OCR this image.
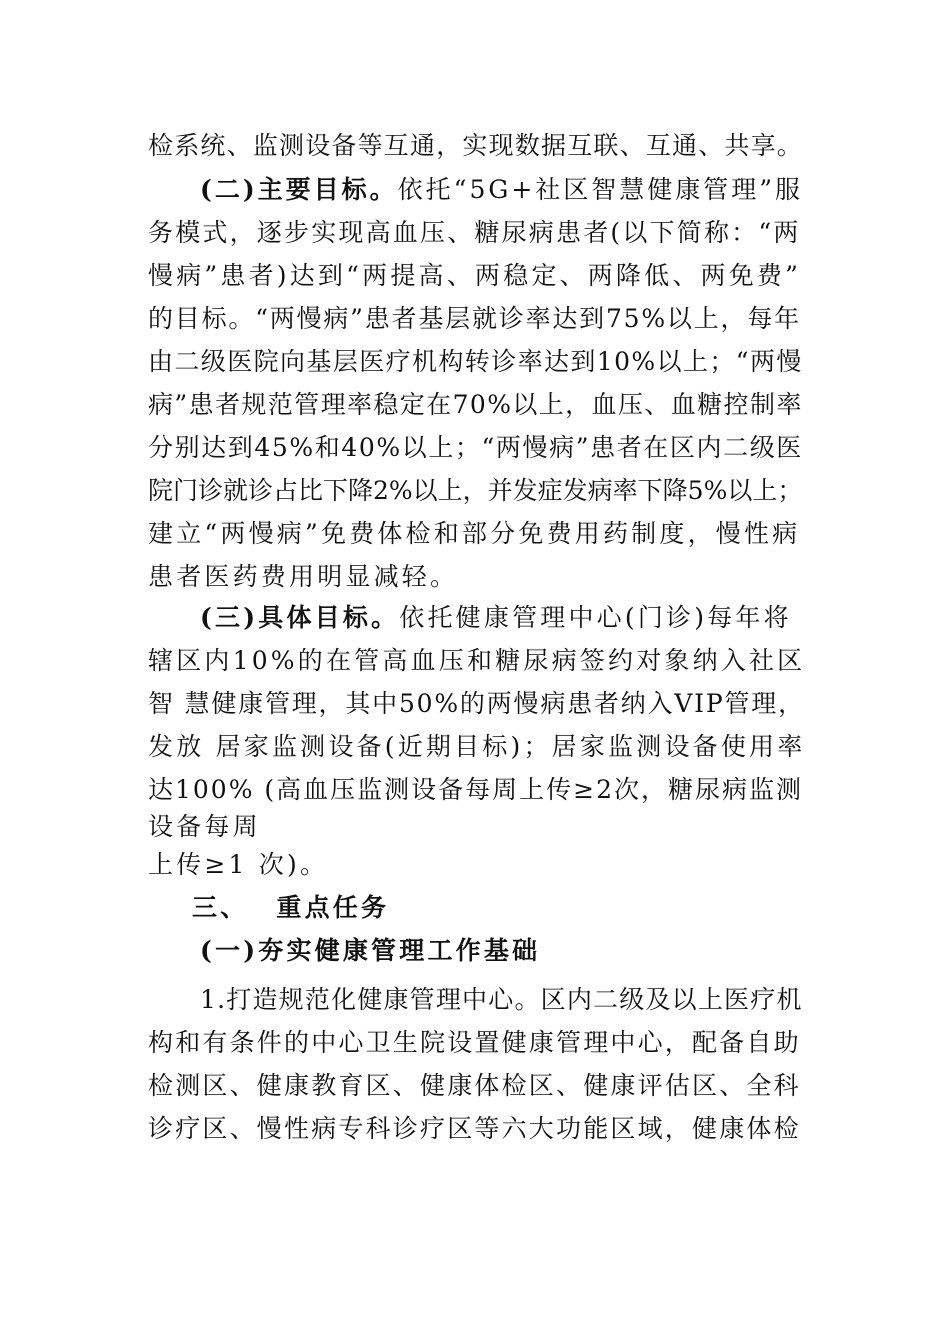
检系统、监测设备等互通，实现数据互联、互通、共享。
(二)主要目标。依托“5G+社区智慧健康管理”服
务模式，逐步实现高血压、糖尿病患者(以下简称：“两
慢病”患者)达到“两提高、两稳定、两降低、两免费”
的目标。“两慢病”患者基层就诊率达到75%以上，每年
由二级医院向基层医疗机构转诊率达到10%以上；“两慢
病”患者规范管理率稳定在70%以上，血压、血糖控制率
分别达到45%和40%以上；“两慢病”患者在区内二级医
院门诊就诊占比下降2%以上，并发症发病率下降5%以上；
建立“两慢病”免费体检和部分免费用药制度，慢性病
患者医药费用明显减轻。
(三)具体目标。依托健康管理中心(门诊)每年将
辖区内10%的在管高血压和糖尿病签约对象纳入社区
智 慧健康管理，其中50%的两慢病患者纳入VIP管理，
发放 居家监测设备(近期目标)；居家监测设备使用率
达100% (高血压监测设备每周上传≥2次，糖尿病监测
设备每周
上传≥1 次)。
三、 重点任务
(一)夯实健康管理工作基础
1.打造规范化健康管理中心。区内二级及以上医疗机
构和有条件的中心卫生院设置健康管理中心，配备自助
检测区、健康教育区、健康体检区、健康评估区、全科
诊疗区、慢性病专科诊疗区等六大功能区域，健康体检
